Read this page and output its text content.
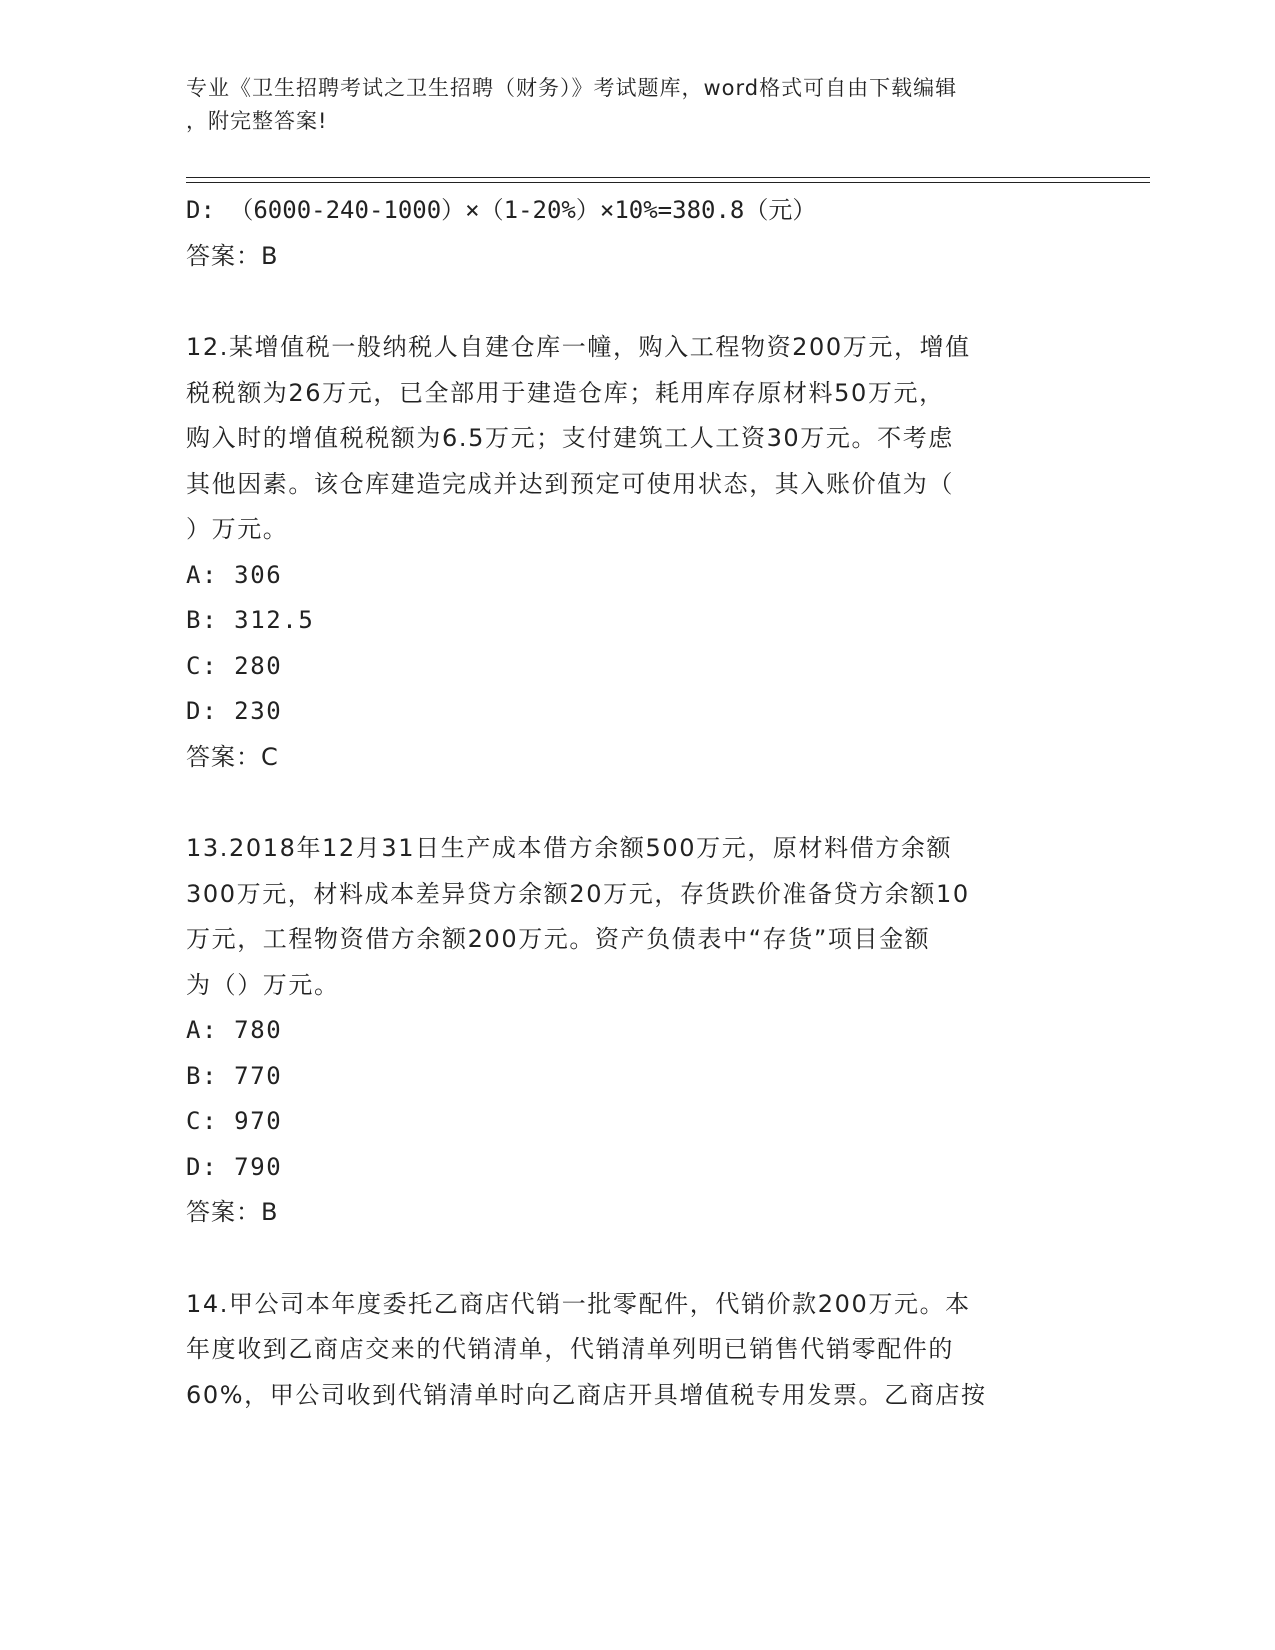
专业《卫生招聘考试之卫生招聘（财务）》考试题库，word格式可自由下载编辑
，附完整答案!
D: （6000-240-1000）×（1-20%）×10%=380.8（元）
答案：B
12.某增值税一般纳税人自建仓库一幢，购入工程物资200万元，增值
税税额为26万元，已全部用于建造仓库；耗用库存原材料50万元，
购入时的增值税税额为6.5万元；支付建筑工人工资30万元。不考虑
其他因素。该仓库建造完成并达到预定可使用状态，其入账价值为（
）万元。
A: 306
B: 312.5
C: 280
D: 230
答案：C
13.2018年12月31日生产成本借方余额500万元，原材料借方余额
300万元，材料成本差异贷方余额20万元，存货跌价准备贷方余额10
万元，工程物资借方余额200万元。资产负债表中“存货”项目金额
为（）万元。
A: 780
B: 770
C: 970
D: 790
答案：B
14.甲公司本年度委托乙商店代销一批零配件，代销价款200万元。本
年度收到乙商店交来的代销清单，代销清单列明已销售代销零配件的
60%，甲公司收到代销清单时向乙商店开具增值税专用发票。乙商店按
